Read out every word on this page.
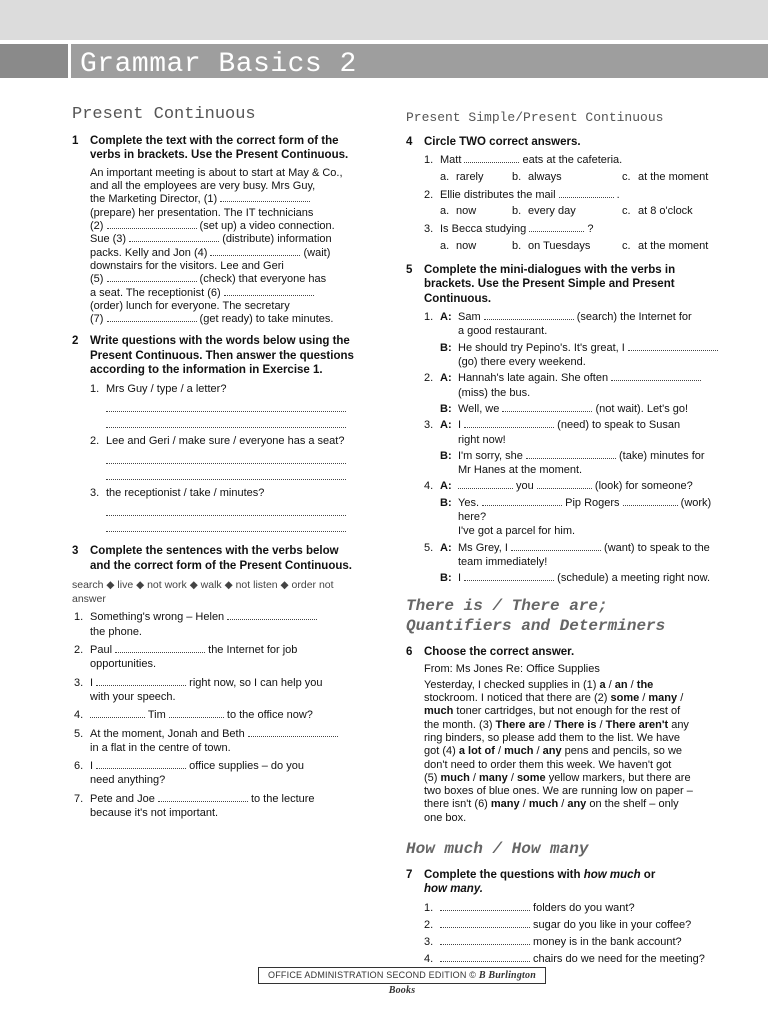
Grammar Basics 2
Present Continuous
1	Complete the text with the correct form of the verbs in brackets. Use the Present Continuous.
An important meeting is about to start at May & Co.,
and all the employees are very busy. Mrs Guy,
the Marketing Director, (1)
(prepare) her presentation. The IT technicians
(2)	(set up) a video connection.
Sue (3)	(distribute) information
packs. Kelly and Jon (4)	(wait)
downstairs for the visitors. Lee and Geri
(5)	(check) that everyone has
a seat. The receptionist (6)
(order) lunch for everyone. The secretary
(7)	(get ready) to take minutes.
2	Write questions with the words below using the Present Continuous. Then answer the questions according to the information in Exercise 1.
1. Mrs Guy / type / a letter?
2. Lee and Geri / make sure / everyone has a seat?
3. the receptionist / take / minutes?
3	Complete the sentences with the verbs below and the correct form of the Present Continuous.
search ◆ live ◆ not work ◆ walk ◆ not listen ◆ order not answer
1. Something's wrong – Helen
the phone.
2. Paul	the Internet for job
opportunities.
3. I	right now, so I can help you
with your speech.
4.	Tim	to the office now?
5. At the moment, Jonah and Beth
in a flat in the centre of town.
6. I	office supplies – do you
need anything?
7. Pete and Joe	to the lecture
because it's not important.
Present Simple/Present Continuous
4	Circle TWO correct answers.
1. Matt	eats at the cafeteria.
a. rarely	b. always	c. at the moment
2. Ellie distributes the mail	.
a. now	b. every day	c. at 8 o'clock
3. Is Becca studying	?
a. now	b. on Tuesdays	c. at the moment
5	Complete the mini-dialogues with the verbs in brackets. Use the Present Simple and Present Continuous.
1. A: Sam	(search) the Internet for
a good restaurant.
B: He should try Pepino's. It's great, I
(go) there every weekend.
2. A: Hannah's late again. She often
(miss) the bus.
B: Well, we	(not wait). Let's go!
3. A: I	(need) to speak to Susan
right now!
B: I'm sorry, she	(take) minutes for
Mr Hanes at the moment.
4. A:	you	(look) for someone?
B: Yes.	Pip Rogers	(work) here?
I've got a parcel for him.
5. A: Ms Grey, I	(want) to speak to the
team immediately!
B: I	(schedule) a meeting right now.
There is / There are;
Quantifiers and Determiners
6	Choose the correct answer.
From: Ms Jones Re: Office Supplies
Yesterday, I checked supplies in (1) a / an / the
stockroom. I noticed that there are (2) some / many /
much toner cartridges, but not enough for the rest of
the month. (3) There are / There is / There aren't any
ring binders, so please add them to the list. We have
got (4) a lot of / much / any pens and pencils, so we
don't need to order them this week. We haven't got
(5) much / many / some yellow markers, but there are
two boxes of blue ones. We are running low on paper –
there isn't (6) many / much / any on the shelf – only
one box.
How much / How many
7	Complete the questions with how much or
how many.
1.	folders do you want?
2.	sugar do you like in your coffee?
3.	money is in the bank account?
4.	chairs do we need for the meeting?
OFFICE ADMINISTRATION SECOND EDITION © B Burlington Books
